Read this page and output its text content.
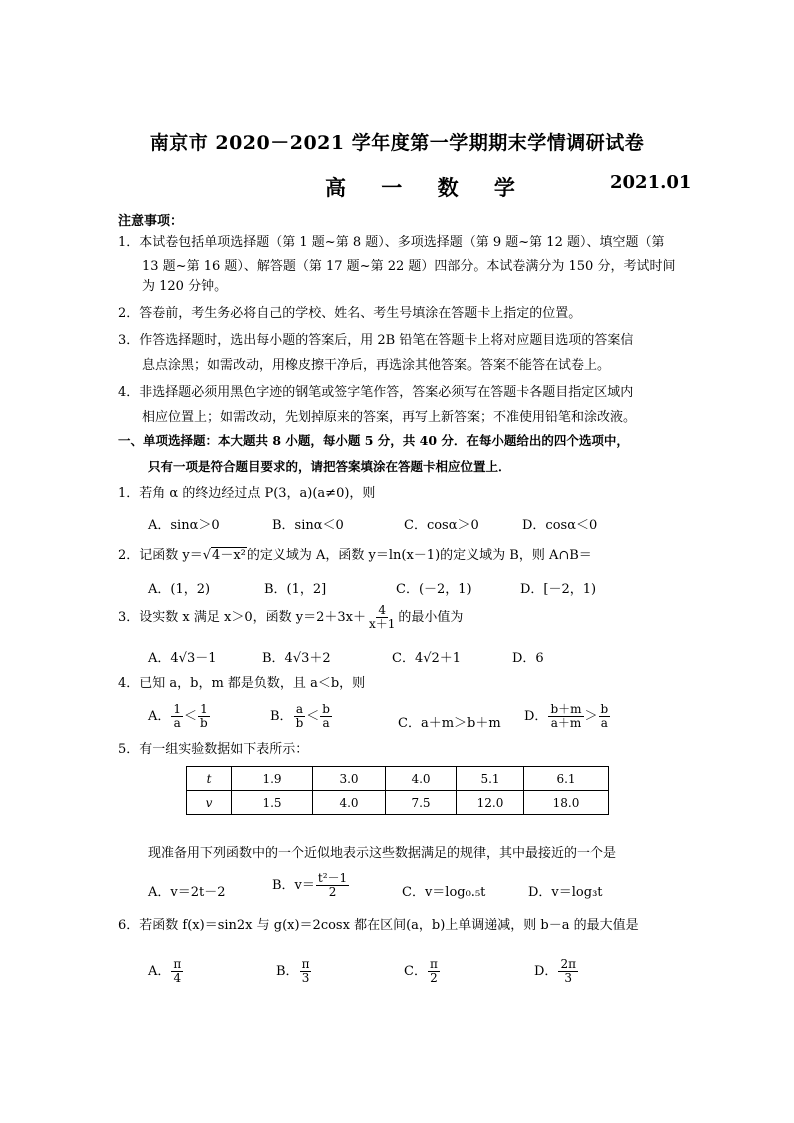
南京市 2020－2021 学年度第一学期期末学情调研试卷
高 一 数 学	2021.01
注意事项：
1．本试卷包括单项选择题（第 1 题~第 8 题）、多项选择题（第 9 题~第 12 题）、填空题（第
13 题~第 16 题）、解答题（第 17 题~第 22 题）四部分。本试卷满分为 150 分，考试时间
为 120 分钟。
2．答卷前，考生务必将自己的学校、姓名、考生号填涂在答题卡上指定的位置。
3．作答选择题时，选出每小题的答案后，用 2B 铅笔在答题卡上将对应题目选项的答案信
息点涂黑；如需改动，用橡皮擦干净后，再选涂其他答案。答案不能答在试卷上。
4．非选择题必须用黑色字迹的钢笔或签字笔作答，答案必须写在答题卡各题目指定区域内
相应位置上；如需改动，先划掉原来的答案，再写上新答案；不准使用铅笔和涂改液。
一、单项选择题：本大题共 8 小题，每小题 5 分，共 40 分．在每小题给出的四个选项中，
只有一项是符合题目要求的，请把答案填涂在答题卡相应位置上．
1．若角 α 的终边经过点 P(3，a)(a≠0)，则
A．sinα＞0	B．sinα＜0	C．cosα＞0	D．cosα＜0
2．记函数 y＝√4－x²的定义域为 A，函数 y＝ln(x－1)的定义域为 B，则 A∩B＝
A．(1，2)	B．(1，2]	C．(－2，1)	D．[－2，1)
3．设实数 x 满足 x＞0，函数 $y=2+3x+ \frac{4}{x+1}$ 的最小值为
A．4√3－1	B．4√3＋2	C．4√2＋1	D．6
4．已知 a，b，m 都是负数，且 a＜b，则
A． $\frac{1}{a} < \frac{1}{b}$	B． $\frac{a}{b} < \frac{b}{a}$	C．a＋m＞b＋m D． $\frac{b+m}{a+m} > \frac{b}{a}$
5．有一组实验数据如下表所示：
t	1.9	3.0	4.0	5.1	6.1
v	1.5	4.0	7.5	12.0	18.0
现准备用下列函数中的一个近似地表示这些数据满足的规律，其中最接近的一个是
A．v＝2t－2	B．$v= \frac{\text{t²－1}}{2}$	C．v＝log₀.₅t	D．v＝log₃t
6．若函数 f(x)＝sin2x 与 g(x)＝2cosx 都在区间(a，b)上单调递减，则 b－a 的最大值是
A． $\frac{\pi}{4}$	B． $\frac{\pi}{3}$	C． $\frac{\pi}{2}$	D． $\frac{2\pi}{3}$
